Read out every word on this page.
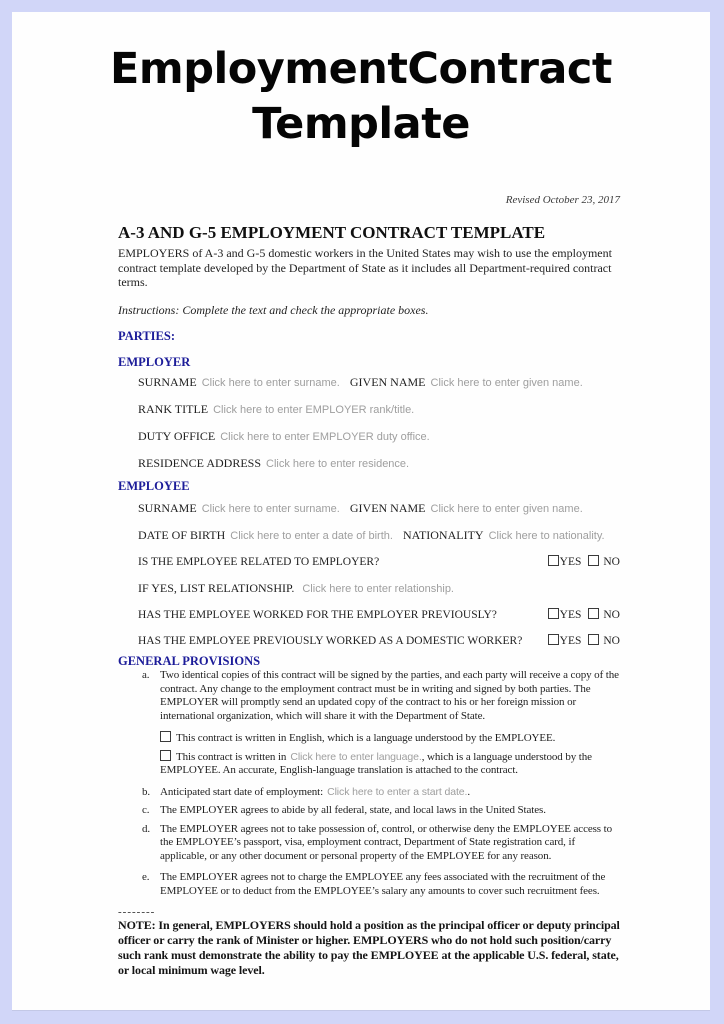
EmploymentContract
Template
Revised October 23, 2017
A-3 AND G-5 EMPLOYMENT CONTRACT TEMPLATE

EMPLOYERS of A-3 and G-5 domestic workers in the United States may wish to use the employment contract template developed by the Department of State as it includes all Department-required contract terms.

Instructions: Complete the text and check the appropriate boxes.

PARTIES:
EMPLOYER
SURNAME Click here to enter surname. GIVEN NAME Click here to enter given name.
RANK TITLE Click here to enter EMPLOYER rank/title.
DUTY OFFICE Click here to enter EMPLOYER duty office.
RESIDENCE ADDRESS Click here to enter residence.
EMPLOYEE
SURNAME Click here to enter surname. GIVEN NAME Click here to enter given name.
DATE OF BIRTH Click here to enter a date of birth. NATIONALITY Click here to nationality.
IS THE EMPLOYEE RELATED TO EMPLOYER?	YES NO
IF YES, LIST RELATIONSHIP. Click here to enter relationship.
HAS THE EMPLOYEE WORKED FOR THE EMPLOYER PREVIOUSLY?	YES NO
HAS THE EMPLOYEE PREVIOUSLY WORKED AS A DOMESTIC WORKER?	YES NO
GENERAL PROVISIONS
a. Two identical copies of this contract will be signed by the parties, and each party will receive a copy of the contract. Any change to the employment contract must be in writing and signed by both parties. The EMPLOYER will promptly send an updated copy of the contract to his or her foreign mission or international organization, which will share it with the Department of State.
This contract is written in English, which is a language understood by the EMPLOYEE.
This contract is written in Click here to enter language., which is a language understood by the EMPLOYEE. An accurate, English-language translation is attached to the contract.
b. Anticipated start date of employment: Click here to enter a start date..
c. The EMPLOYER agrees to abide by all federal, state, and local laws in the United States.
d. The EMPLOYER agrees not to take possession of, control, or otherwise deny the EMPLOYEE access to the EMPLOYEE’s passport, visa, employment contract, Department of State registration card, if applicable, or any other document or personal property of the EMPLOYEE for any reason.
e. The EMPLOYER agrees not to charge the EMPLOYEE any fees associated with the recruitment of the EMPLOYEE or to deduct from the EMPLOYEE’s salary any amounts to cover such recruitment fees.
--------

NOTE: In general, EMPLOYERS should hold a position as the principal officer or deputy principal officer or carry the rank of Minister or higher. EMPLOYERS who do not hold such position/carry such rank must demonstrate the ability to pay the EMPLOYEE at the applicable U.S. federal, state, or local minimum wage level.
